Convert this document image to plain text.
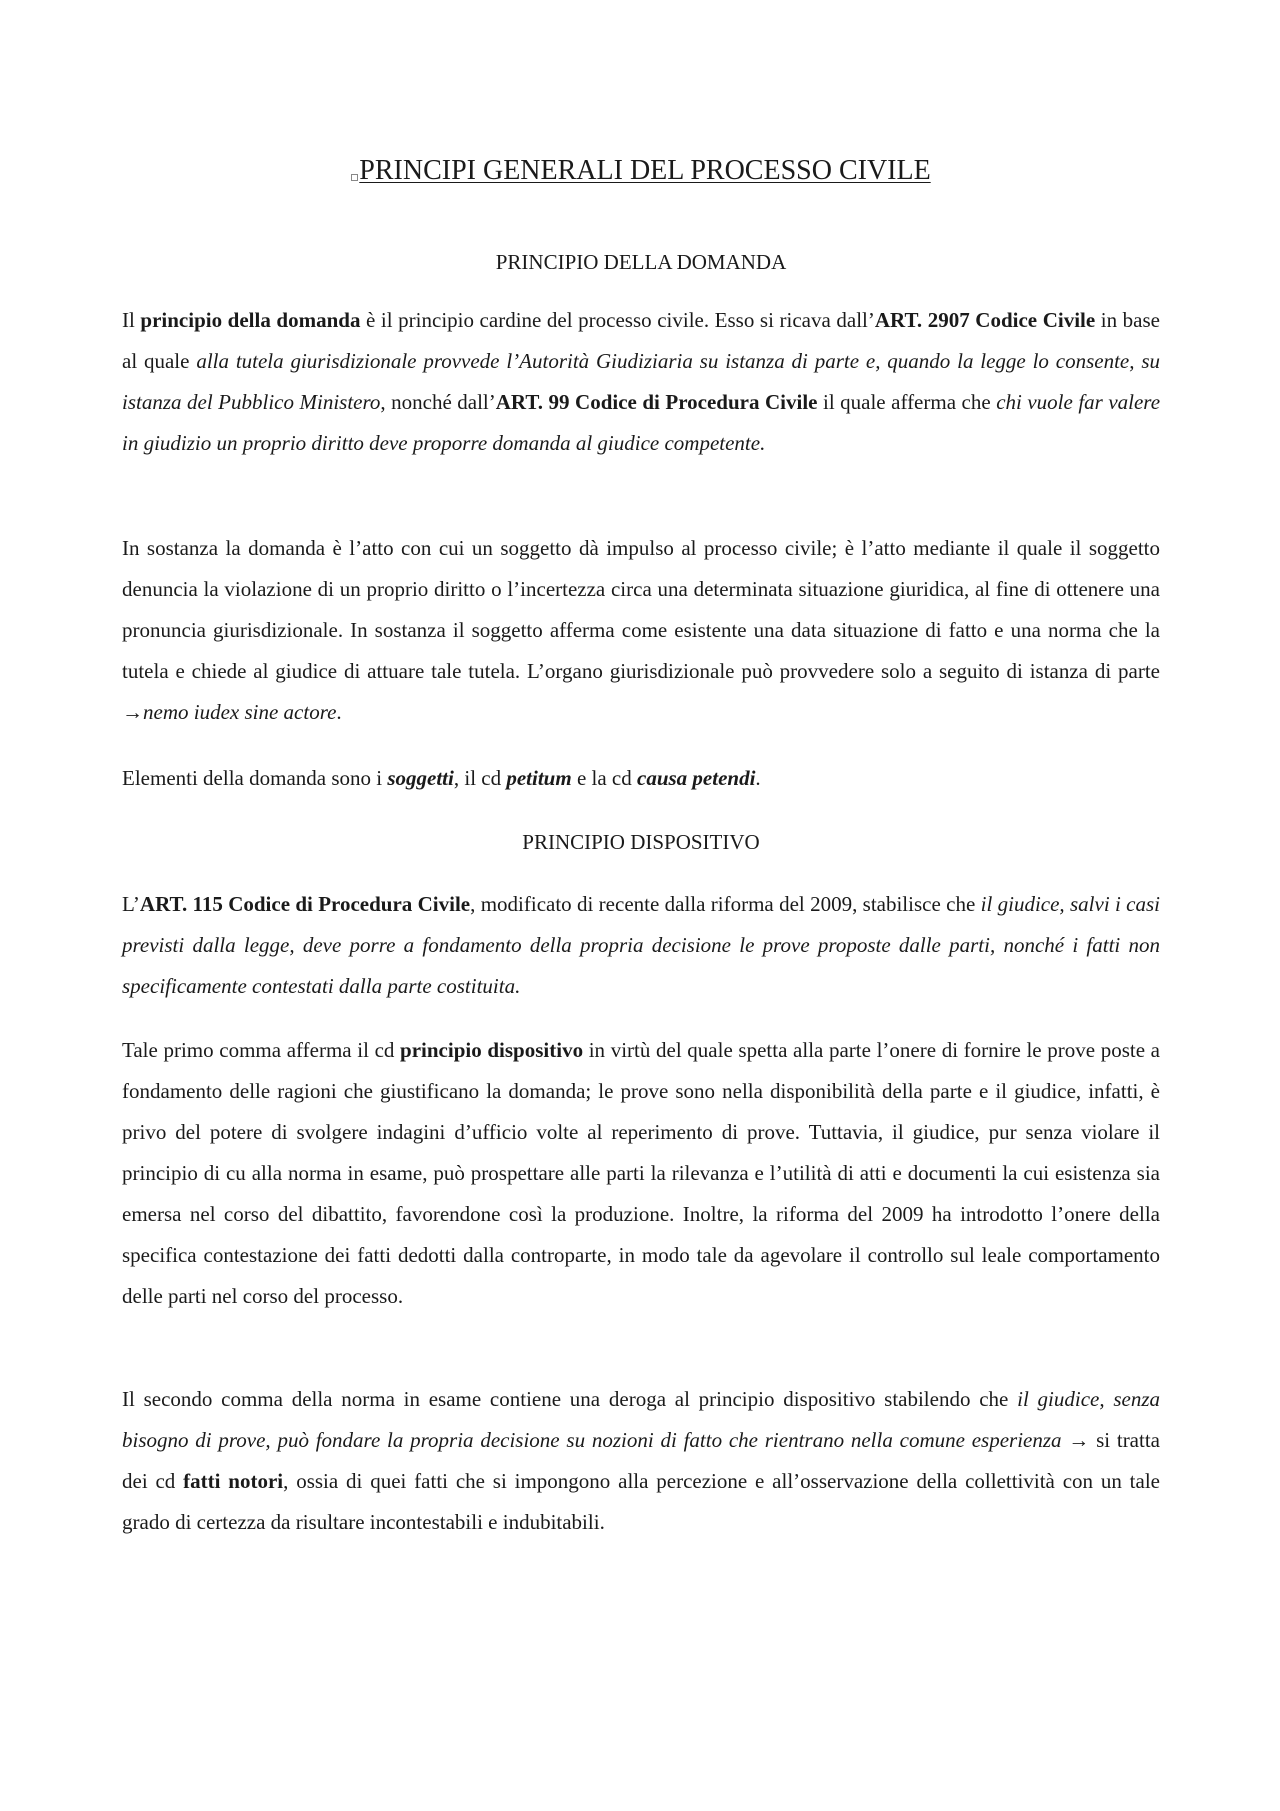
PRINCIPI GENERALI DEL PROCESSO CIVILE
PRINCIPIO DELLA DOMANDA

Il principio della domanda è il principio cardine del processo civile. Esso si ricava dall’ART. 2907 Codice Civile in base al quale alla tutela giurisdizionale provvede l’Autorità Giudiziaria su istanza di parte e, quando la legge lo consente, su istanza del Pubblico Ministero, nonché dall’ART. 99 Codice di Procedura Civile il quale afferma che chi vuole far valere in giudizio un proprio diritto deve proporre domanda al giudice competente.

In sostanza la domanda è l’atto con cui un soggetto dà impulso al processo civile; è l’atto mediante il quale il soggetto denuncia la violazione di un proprio diritto o l’incertezza circa una determinata situazione giuridica, al fine di ottenere una pronuncia giurisdizionale. In sostanza il soggetto afferma come esistente una data situazione di fatto e una norma che la tutela e chiede al giudice di attuare tale tutela. L’organo giurisdizionale può provvedere solo a seguito di istanza di parte →nemo iudex sine actore.

Elementi della domanda sono i soggetti, il cd petitum e la cd causa petendi.

PRINCIPIO DISPOSITIVO

L’ART. 115 Codice di Procedura Civile, modificato di recente dalla riforma del 2009, stabilisce che il giudice, salvi i casi previsti dalla legge, deve porre a fondamento della propria decisione le prove proposte dalle parti, nonché i fatti non specificamente contestati dalla parte costituita.

Tale primo comma afferma il cd principio dispositivo in virtù del quale spetta alla parte l’onere di fornire le prove poste a fondamento delle ragioni che giustificano la domanda; le prove sono nella disponibilità della parte e il giudice, infatti, è privo del potere di svolgere indagini d’ufficio volte al reperimento di prove. Tuttavia, il giudice, pur senza violare il principio di cu alla norma in esame, può prospettare alle parti la rilevanza e l’utilità di atti e documenti la cui esistenza sia emersa nel corso del dibattito, favorendone così la produzione. Inoltre, la riforma del 2009 ha introdotto l’onere della specifica contestazione dei fatti dedotti dalla controparte, in modo tale da agevolare il controllo sul leale comportamento delle parti nel corso del processo.

Il secondo comma della norma in esame contiene una deroga al principio dispositivo stabilendo che il giudice, senza bisogno di prove, può fondare la propria decisione su nozioni di fatto che rientrano nella comune esperienza → si tratta dei cd fatti notori, ossia di quei fatti che si impongono alla percezione e all’osservazione della collettività con un tale grado di certezza da risultare incontestabili e indubitabili.
